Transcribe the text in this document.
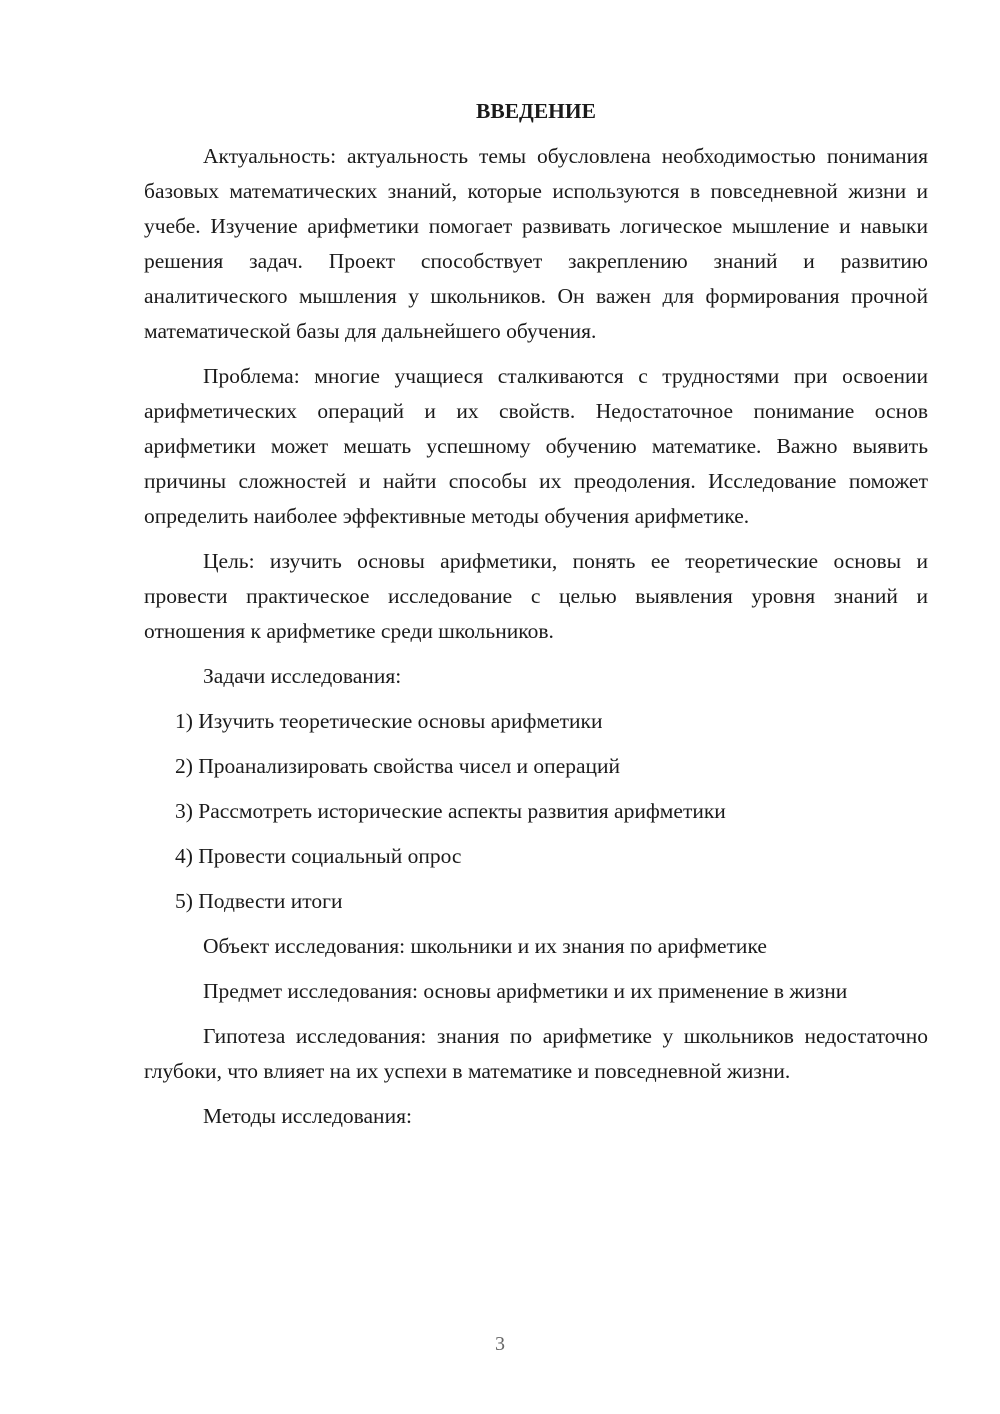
ВВЕДЕНИЕ

Актуальность: актуальность темы обусловлена необходимостью понимания базовых математических знаний, которые используются в повседневной жизни и учебе. Изучение арифметики помогает развивать логическое мышление и навыки решения задач. Проект способствует закреплению знаний и развитию аналитического мышления у школьников. Он важен для формирования прочной математической базы для дальнейшего обучения.

Проблема: многие учащиеся сталкиваются с трудностями при освоении арифметических операций и их свойств. Недостаточное понимание основ арифметики может мешать успешному обучению математике. Важно выявить причины сложностей и найти способы их преодоления. Исследование поможет определить наиболее эффективные методы обучения арифметике.

Цель: изучить основы арифметики, понять ее теоретические основы и провести практическое исследование с целью выявления уровня знаний и отношения к арифметике среди школьников.

Задачи исследования:

1) Изучить теоретические основы арифметики
2) Проанализировать свойства чисел и операций
3) Рассмотреть исторические аспекты развития арифметики
4) Провести социальный опрос
5) Подвести итоги

Объект исследования: школьники и их знания по арифметике

Предмет исследования: основы арифметики и их применение в жизни

Гипотеза исследования: знания по арифметике у школьников недостаточно глубоки, что влияет на их успехи в математике и повседневной жизни.

Методы исследования:

3
